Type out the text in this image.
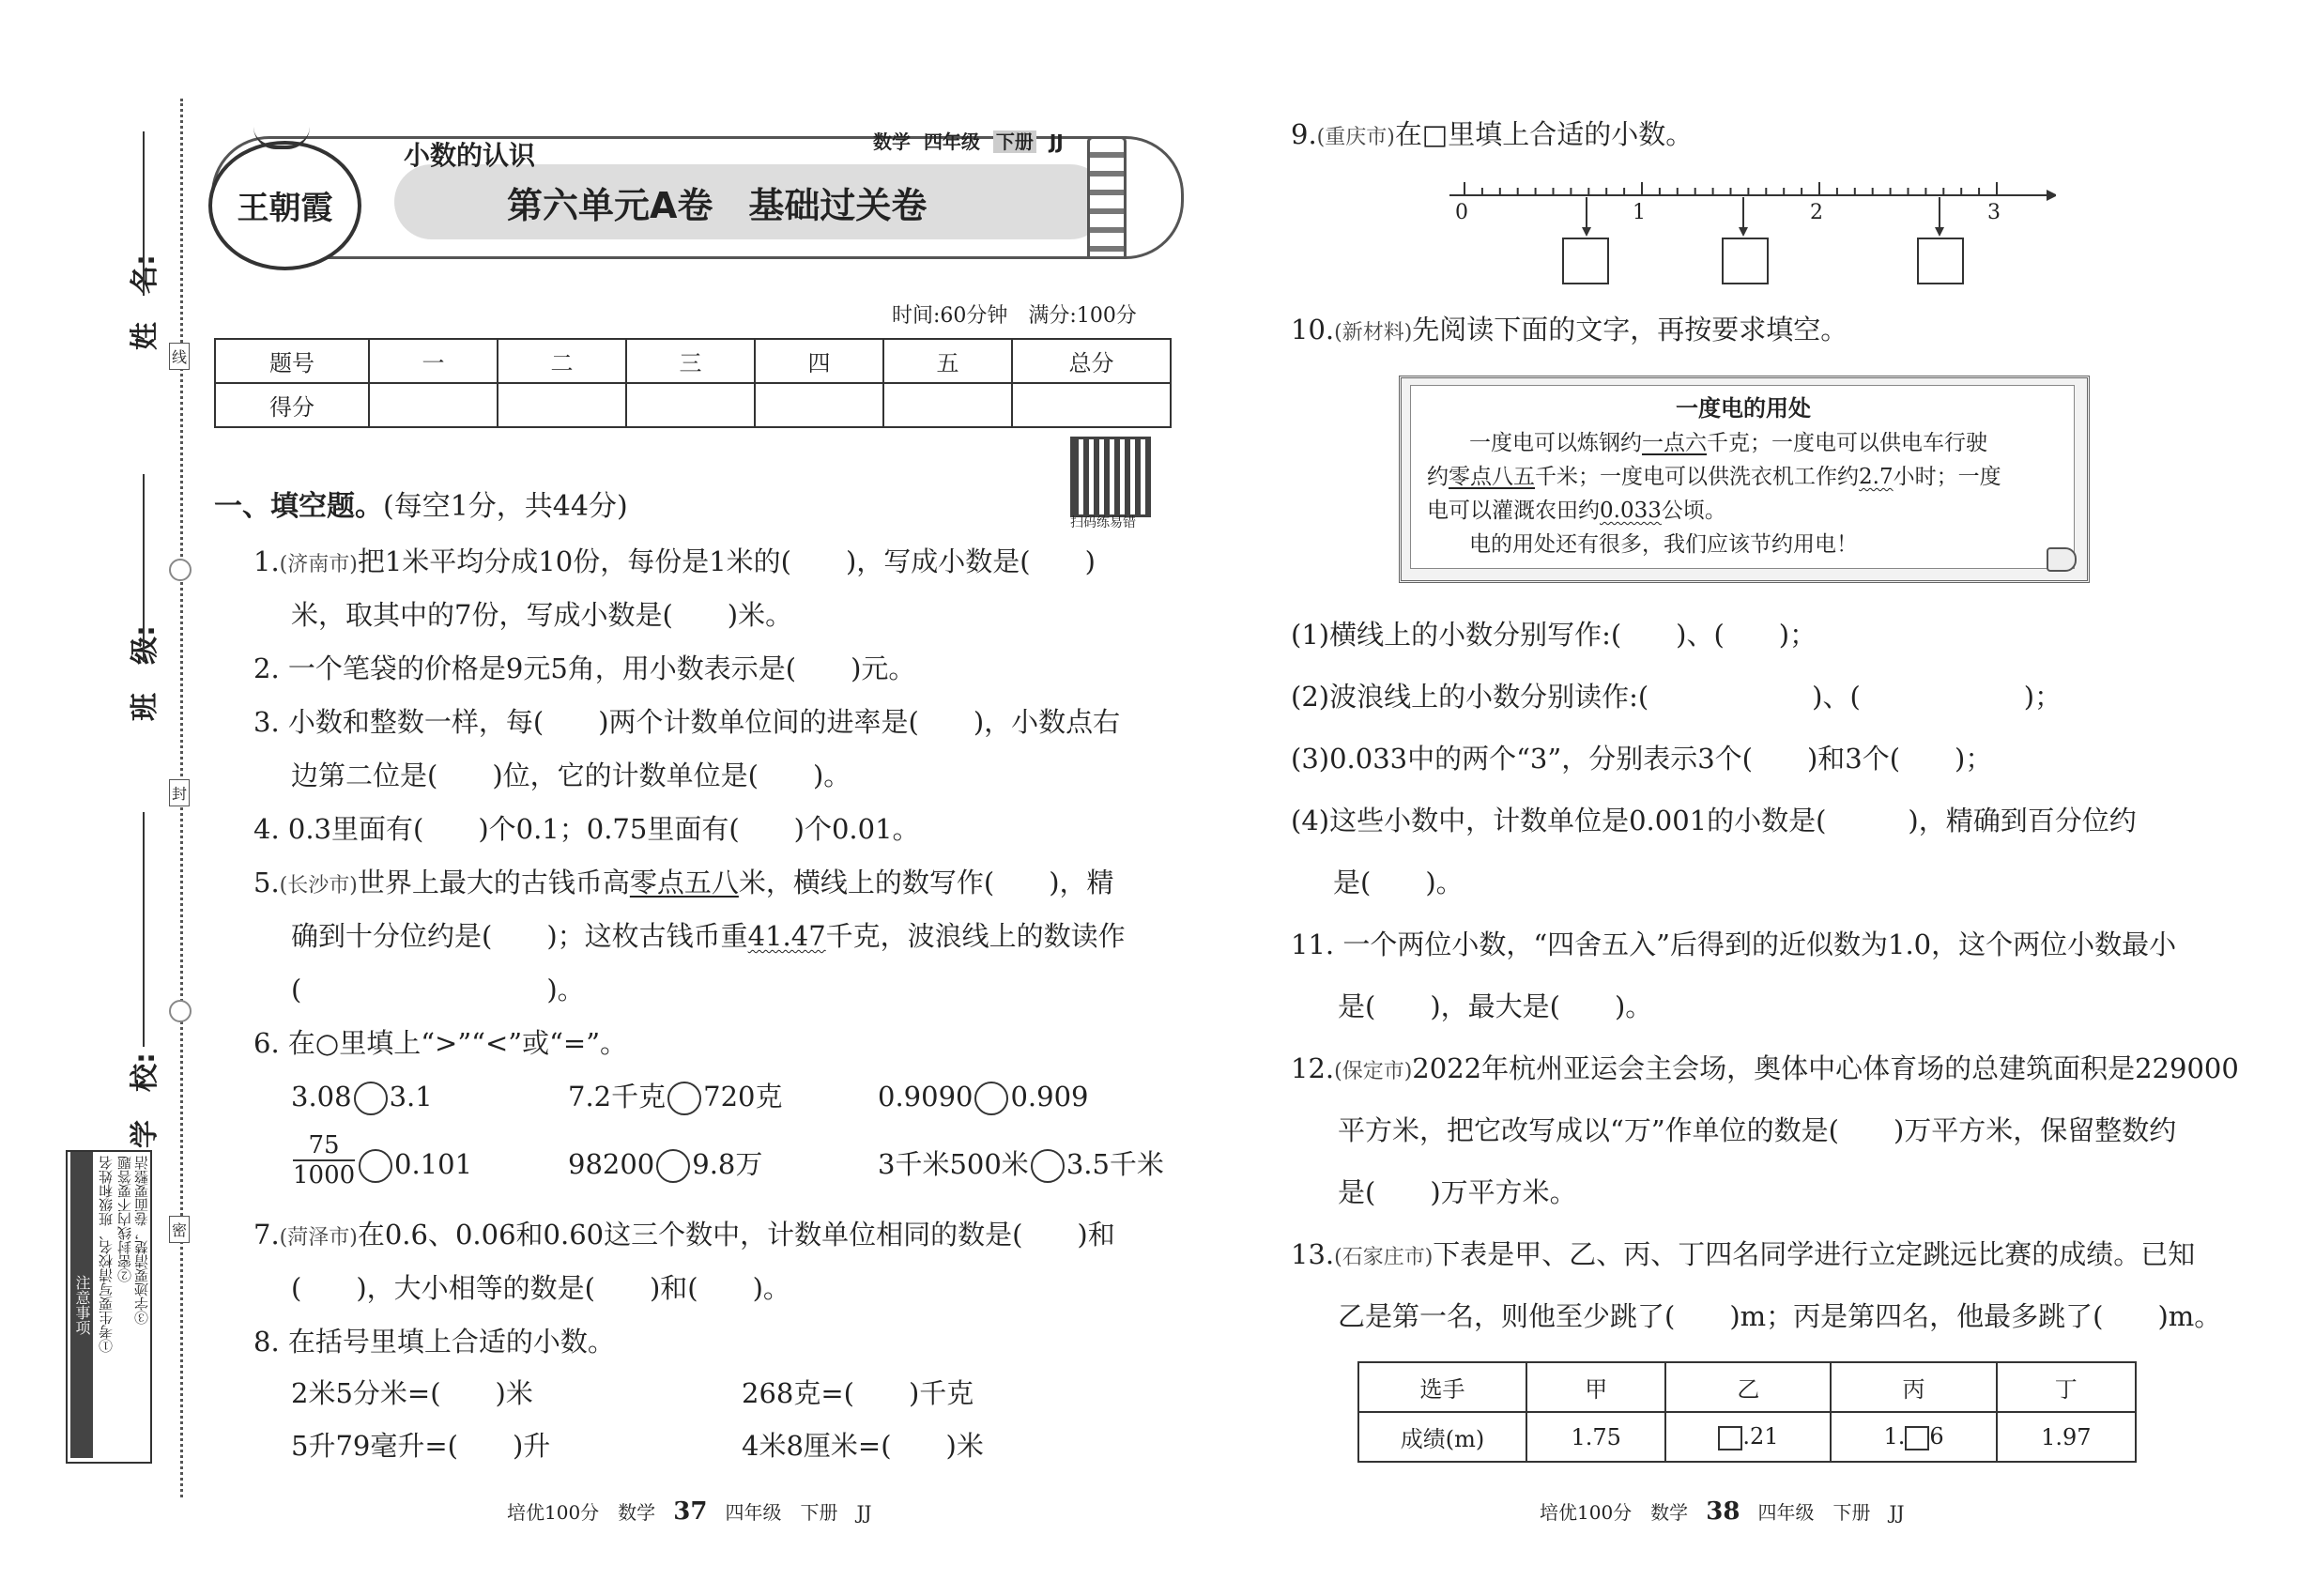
姓　名:
班　级:
学　校:
线
封
密
注意事项 ①考生要写清校名、班级和姓名 ②密封线内不要答题 ③字迹要清楚，卷面要整洁
王朝霞
小数的认识	数学 四年级 下册 JJ
第六单元A卷　基础过关卷
时间:60分钟　满分:100分
题号	一	二	三	四	五	总分
得分						
扫码练易错
一、填空题。(每空1分，共44分)
1.(济南市)把1米平均分成10份，每份是1米的(　　)，写成小数是(　　)
米，取其中的7份，写成小数是(　　)米。
2. 一个笔袋的价格是9元5角，用小数表示是(　　)元。
3. 小数和整数一样，每(　　)两个计数单位间的进率是(　　)，小数点右
边第二位是(　　)位，它的计数单位是(　　)。
4. 0.3里面有(　　)个0.1；0.75里面有(　　)个0.01。
5.(长沙市)世界上最大的古钱币高零点五八米，横线上的数写作(　　)，精
确到十分位约是(　　)；这枚古钱币重41.47千克，波浪线上的数读作
(　　　　　　　　　)。
6. 在○里填上“>”“<”或“=”。
3.08 3.1	7.2千克 720克	0.9090 0.909
$\frac{75}{1000}$	0.101	98200 9.8万	3千米500米 3.5千米
7.(菏泽市)在0.6、0.06和0.60这三个数中，计数单位相同的数是(　　)和
(　　)，大小相等的数是(　　)和(　　)。
8. 在括号里填上合适的小数。
2米5分米=(　　)米	268克=(　　)千克
5升79毫升=(　　)升	4米8厘米=(　　)米
培优100分　数学 37 四年级　下册　JJ
9.(重庆市)在□里填上合适的小数。
0	1	2	3
10.(新材料)先阅读下面的文字，再按要求填空。
一度电的用处
一度电可以炼钢约一点六千克；一度电可以供电车行驶
约零点八五千米；一度电可以供洗衣机工作约2.7小时；一度
电可以灌溉农田约0.033公顷。
电的用处还有很多，我们应该节约用电！
(1)横线上的小数分别写作:(　　)、(　　)；
(2)波浪线上的小数分别读作:(　　　　　　)、(　　　　　　)；
(3)0.033中的两个“3”，分别表示3个(　　)和3个(　　)；
(4)这些小数中，计数单位是0.001的小数是(　　　)，精确到百分位约
是(　　)。
11. 一个两位小数，“四舍五入”后得到的近似数为1.0，这个两位小数最小
是(　　)，最大是(　　)。
12.(保定市)2022年杭州亚运会主会场，奥体中心体育场的总建筑面积是229000
平方米，把它改写成以“万”作单位的数是(　　)万平方米，保留整数约
是(　　)万平方米。
13.(石家庄市)下表是甲、乙、丙、丁四名同学进行立定跳远比赛的成绩。已知
乙是第一名，则他至少跳了(　　)m；丙是第四名，他最多跳了(　　)m。
选手	甲	乙	丙	丁
成绩(m)	1.75	.21	1. 6	1.97
培优100分　数学 38 四年级　下册　JJ
